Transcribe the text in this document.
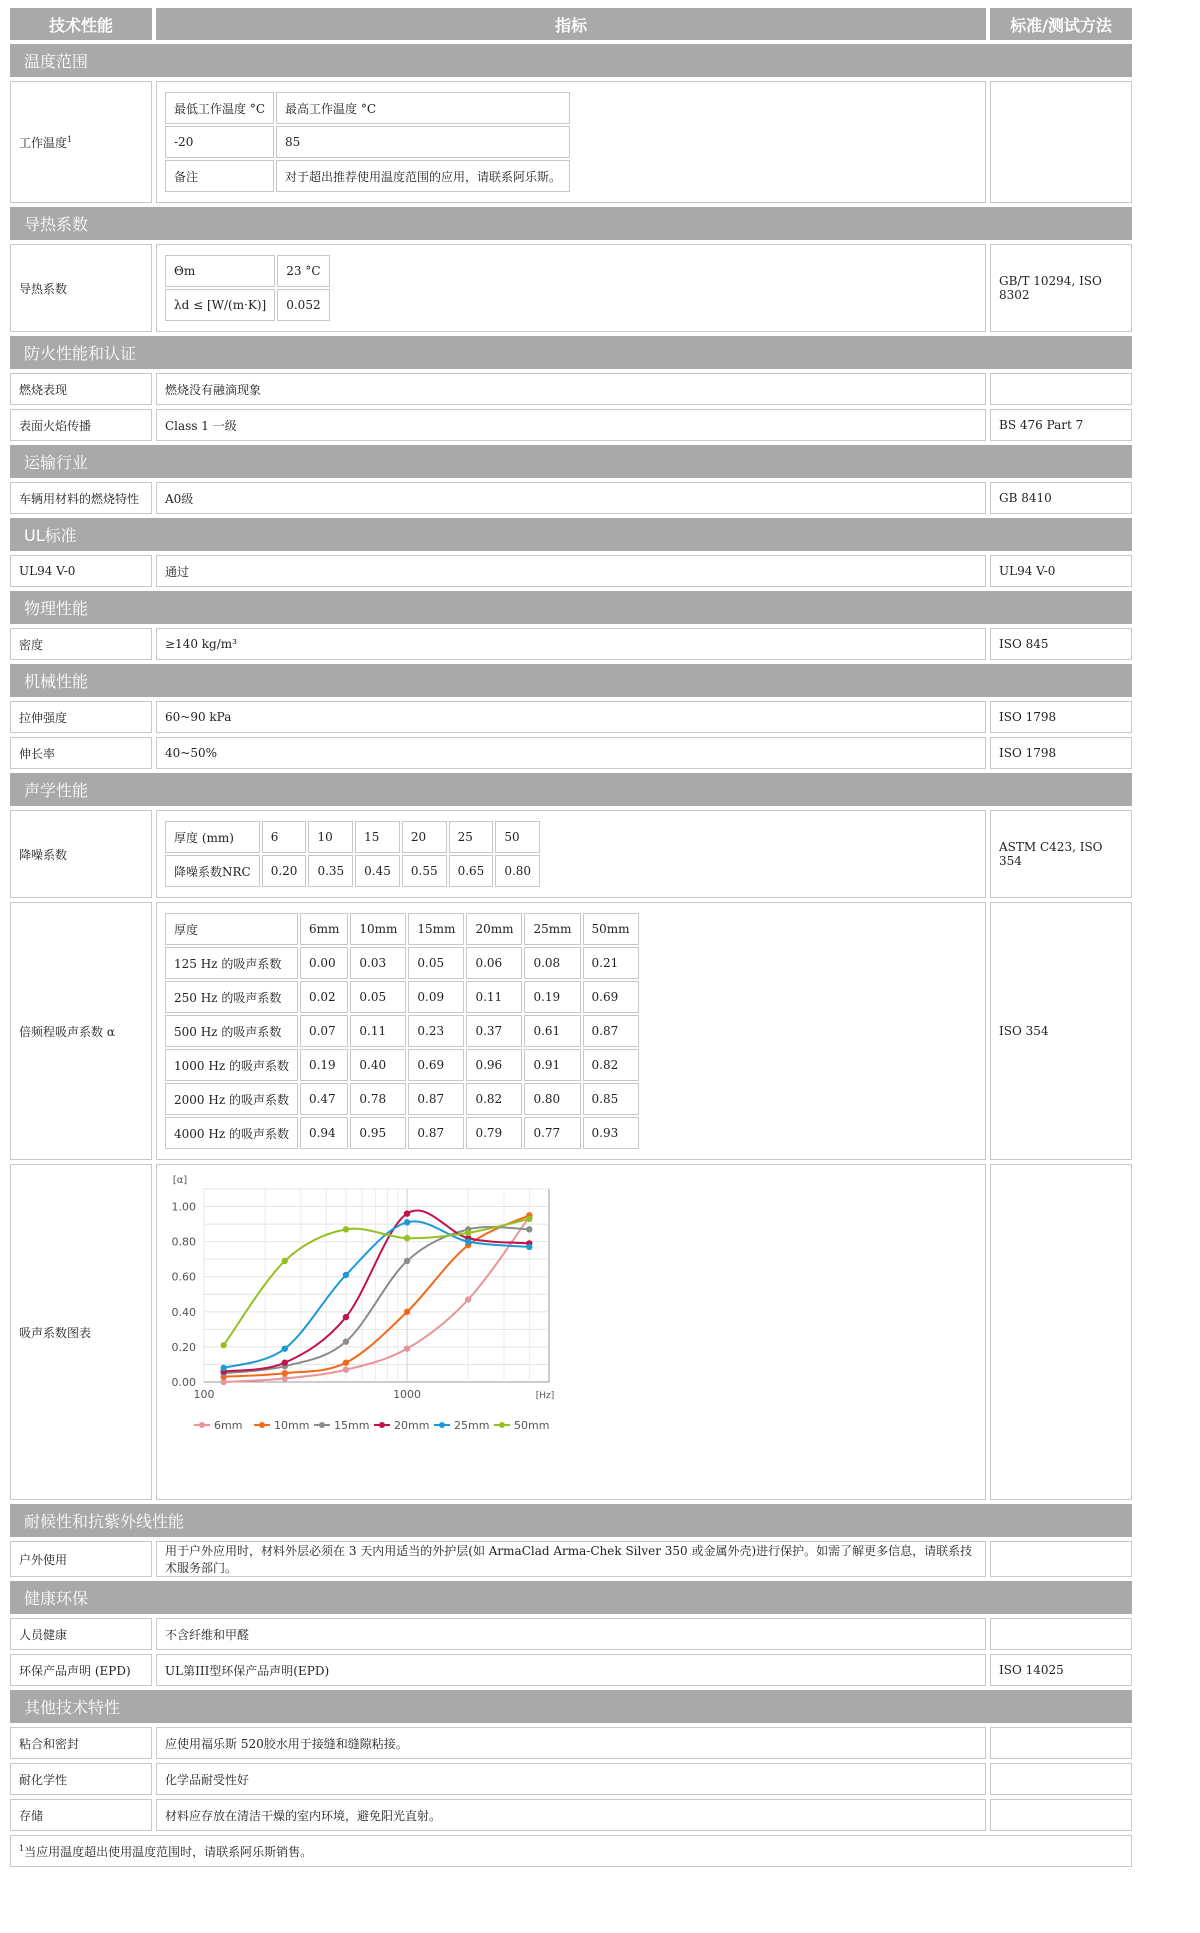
技术性能	指标	标准/测试方法
温度范围
工作温度$^1$	
最低工作温度 °C	最高工作温度 °C
-20	85
备注	对于超出推荐使用温度范围的应用，请联系阿乐斯。

导热系数
导热系数	
Θm	23 °C
λd ≤ [W/(m·K)]	0.052
	GB/T 10294, ISO 8302
防火性能和认证
燃烧表现	燃烧没有融滴现象	
表面火焰传播	Class 1 一级	BS 476 Part 7
运输行业
车辆用材料的燃烧特性	A0级	GB 8410
UL标准
UL94 V-0	通过	UL94 V-0
物理性能
密度	≥140 kg/m³	ISO 845
机械性能
拉伸强度	60~90 kPa	ISO 1798
伸长率	40~50%	ISO 1798
声学性能
降噪系数	
厚度 (mm)	6	10	15	20	25	50
降噪系数NRC	0.20	0.35	0.45	0.55	0.65	0.80
	ASTM C423, ISO 354
倍频程吸声系数 α	
厚度	6mm	10mm	15mm	20mm	25mm	50mm
125 Hz 的吸声系数	0.00	0.03	0.05	0.06	0.08	0.21
250 Hz 的吸声系数	0.02	0.05	0.09	0.11	0.19	0.69
500 Hz 的吸声系数	0.07	0.11	0.23	0.37	0.61	0.87
1000 Hz 的吸声系数	0.19	0.40	0.69	0.96	0.91	0.82
2000 Hz 的吸声系数	0.47	0.78	0.87	0.82	0.80	0.85
4000 Hz 的吸声系数	0.94	0.95	0.87	0.79	0.77	0.93
	ISO 354
吸声系数图表	
0.00
0.20
0.40
0.60
0.80
1.00
100	1000
[α]
[Hz]
6mm	10mm 15mm 20mm 25mm 50mm

耐候性和抗紫外线性能
户外使用	用于户外应用时，材料外层必须在 3 天内用适当的外护层(如 ArmaClad Arma-Chek Silver 350 或金属外壳)进行保护。如需了解更多信息，请联系技术服务部门。	
健康环保
人员健康	不含纤维和甲醛	
环保产品声明 (EPD)	UL第III型环保产品声明(EPD)	ISO 14025
其他技术特性
粘合和密封	应使用福乐斯 520胶水用于接缝和缝隙粘接。	
耐化学性	化学品耐受性好	
存储	材料应存放在清洁干燥的室内环境，避免阳光直射。	
$^1$当应用温度超出使用温度范围时，请联系阿乐斯销售。
